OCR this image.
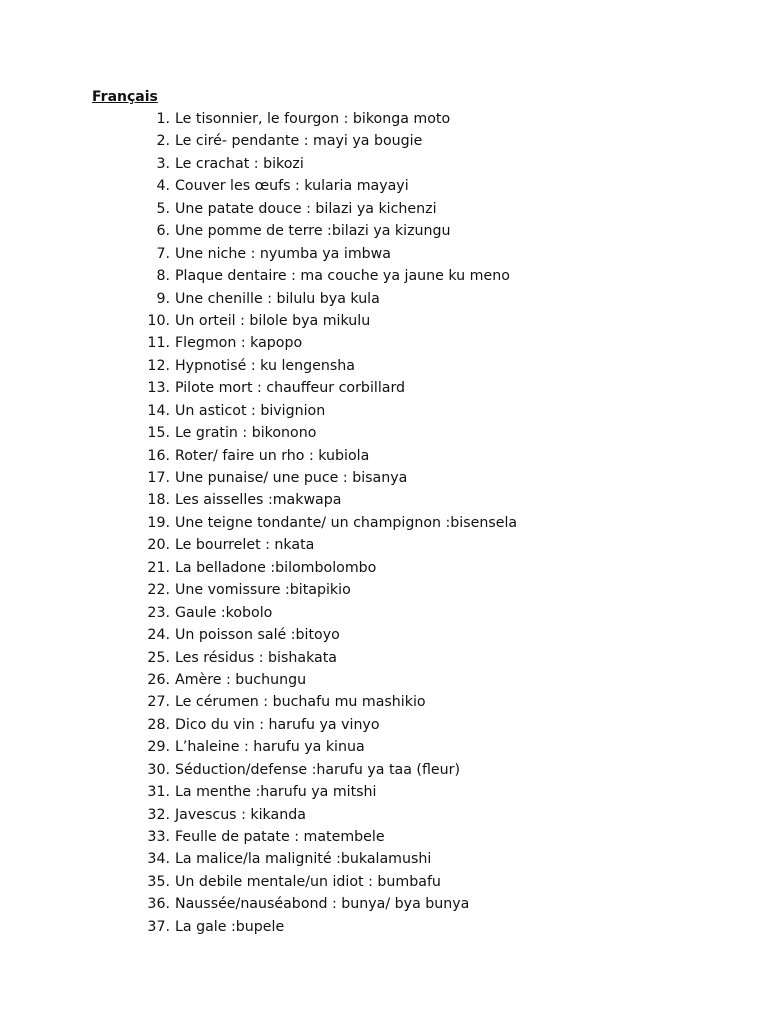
Français
1. Le tisonnier, le fourgon : bikonga moto
2. Le ciré- pendante : mayi ya bougie
3. Le crachat : bikozi
4. Couver les œufs : kularia mayayi
5. Une patate douce : bilazi ya kichenzi
6. Une pomme de terre :bilazi ya kizungu
7. Une niche : nyumba ya imbwa
8. Plaque dentaire : ma couche ya jaune ku meno
9. Une chenille : bilulu bya kula
10. Un orteil : bilole bya mikulu
11. Flegmon : kapopo
12. Hypnotisé : ku lengensha
13. Pilote mort : chauffeur corbillard
14. Un asticot : bivignion
15. Le gratin : bikonono
16. Roter/ faire un rho : kubiola
17. Une punaise/ une puce : bisanya
18. Les aisselles :makwapa
19. Une teigne tondante/ un champignon :bisensela
20. Le bourrelet : nkata
21. La belladone :bilombolombo
22. Une vomissure :bitapikio
23. Gaule :kobolo
24. Un poisson salé :bitoyo
25. Les résidus : bishakata
26. Amère : buchungu
27. Le cérumen : buchafu mu mashikio
28. Dico du vin : harufu ya vinyo
29. L’haleine : harufu ya kinua
30. Séduction/defense :harufu ya taa (fleur)
31. La menthe :harufu ya mitshi
32. Javescus : kikanda
33. Feulle de patate : matembele
34. La malice/la malignité :bukalamushi
35. Un debile mentale/un idiot : bumbafu
36. Naussée/nauséabond : bunya/ bya bunya
37. La gale :bupele
